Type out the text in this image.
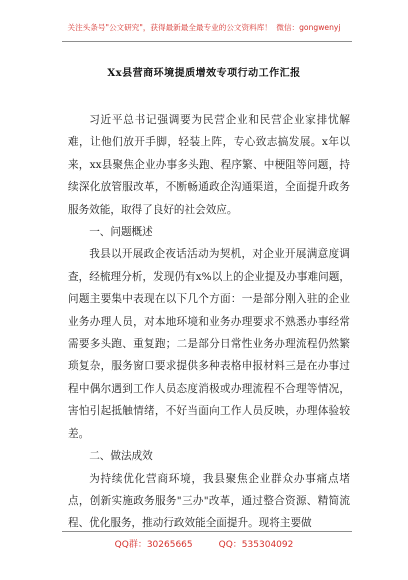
关注头条号"公文研究"，获得最新最全最专业的公文资料库！ 微信：gongwenyj
Xx县营商环境提质增效专项行动工作汇报

习近平总书记强调要为民营企业和民营企业家排忧解难，让他们放开手脚，轻装上阵，专心致志搞发展。x年以来，xx县聚焦企业办事多头跑、程序繁、中梗阻等问题，持续深化放管服改革，不断畅通政企沟通渠道，全面提升政务服务效能，取得了良好的社会效应。

一、问题概述

我县以开展政企夜话活动为契机，对企业开展满意度调查，经梳理分析，发现仍有x%以上的企业提及办事难问题，问题主要集中表现在以下几个方面：一是部分刚入驻的企业业务办理人员，对本地环境和业务办理要求不熟悉办事经常需要多头跑、重复跑；二是部分日常性业务办理流程仍然繁琐复杂，服务窗口要求提供多种表格申报材料三是在办事过程中偶尔遇到工作人员态度消极或办理流程不合理等情况，害怕引起抵触情绪，不好当面向工作人员反映，办理体验较差。

二、做法成效

为持续优化营商环境，我县聚焦企业群众办事痛点堵点，创新实施政务服务"三办"改革，通过整合资源、精简流程、优化服务，推动行政效能全面提升。现将主要做

QQ群：30265665	QQ：535304092
